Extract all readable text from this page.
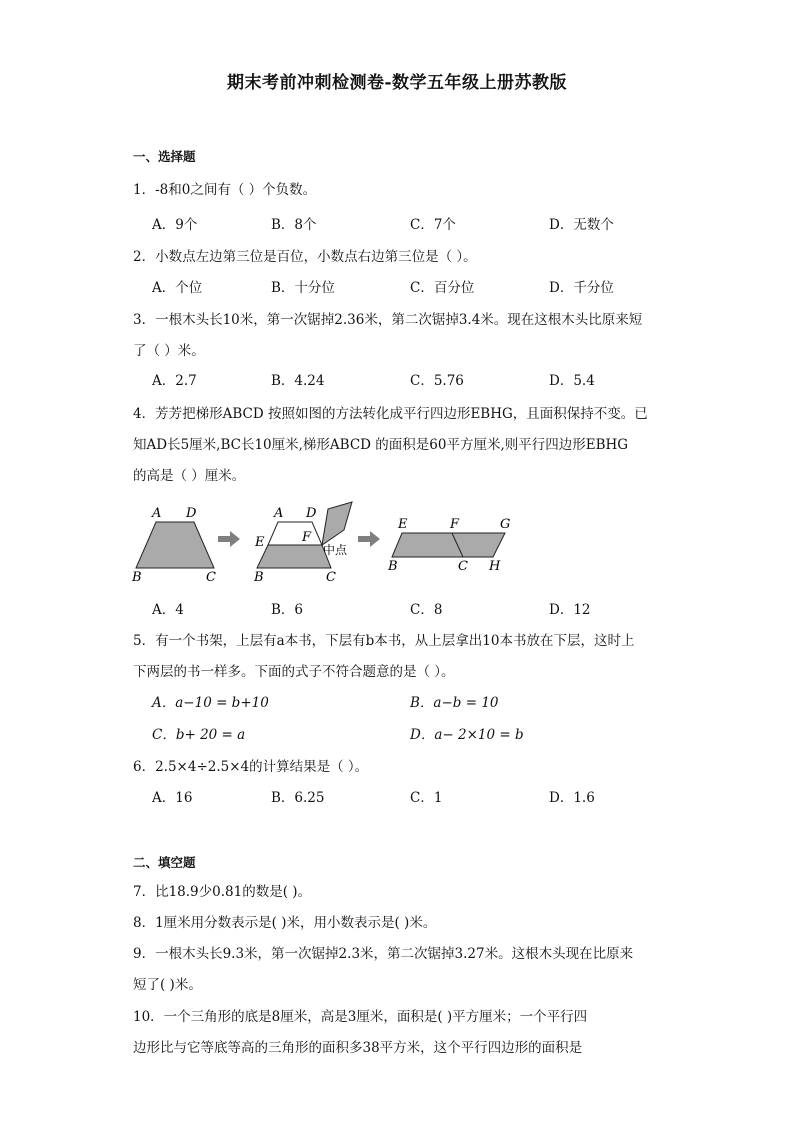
期末考前冲刺检测卷-数学五年级上册苏教版
一、选择题
1．-8和0之间有（ ）个负数。
A．9个	B．8个	C．7个	D．无数个
2．小数点左边第三位是百位，小数点右边第三位是（ ）。
A．个位	B．十分位	C．百分位	D．千分位
3．一根木头长10米，第一次锯掉2.36米，第二次锯掉3.4米。现在这根木头比原来短
了（ ）米。
A．2.7	B．4.24	C．5.76	D．5.4
4．芳芳把梯形ABCD 按照如图的方法转化成平行四边形EBHG，且面积保持不变。已
知AD长5厘米,BC长10厘米,梯形ABCD 的面积是60平方厘米,则平行四边形EBHG
的高是（ ）厘米。
A D
B	C
A D
E	F
中点
B	C
E	F	G
B	C H
A．4	B．6	C．8	D．12
5．有一个书架，上层有a本书，下层有b本书，从上层拿出10本书放在下层，这时上
下两层的书一样多。下面的式子不符合题意的是（ ）。
A．a−10 = b+10	B．a−b = 10
C．b+ 20 = a	D．a− 2×10 = b
6．2.5×4÷2.5×4的计算结果是（ ）。
A．16	B．6.25	C．1	D．1.6
二、填空题
7．比18.9少0.81的数是( )。
8．1厘米用分数表示是( )米，用小数表示是( )米。
9．一根木头长9.3米，第一次锯掉2.3米，第二次锯掉3.27米。这根木头现在比原来
短了( )米。
10．一个三角形的底是8厘米，高是3厘米，面积是( )平方厘米；一个平行四
边形比与它等底等高的三角形的面积多38平方米，这个平行四边形的面积是
